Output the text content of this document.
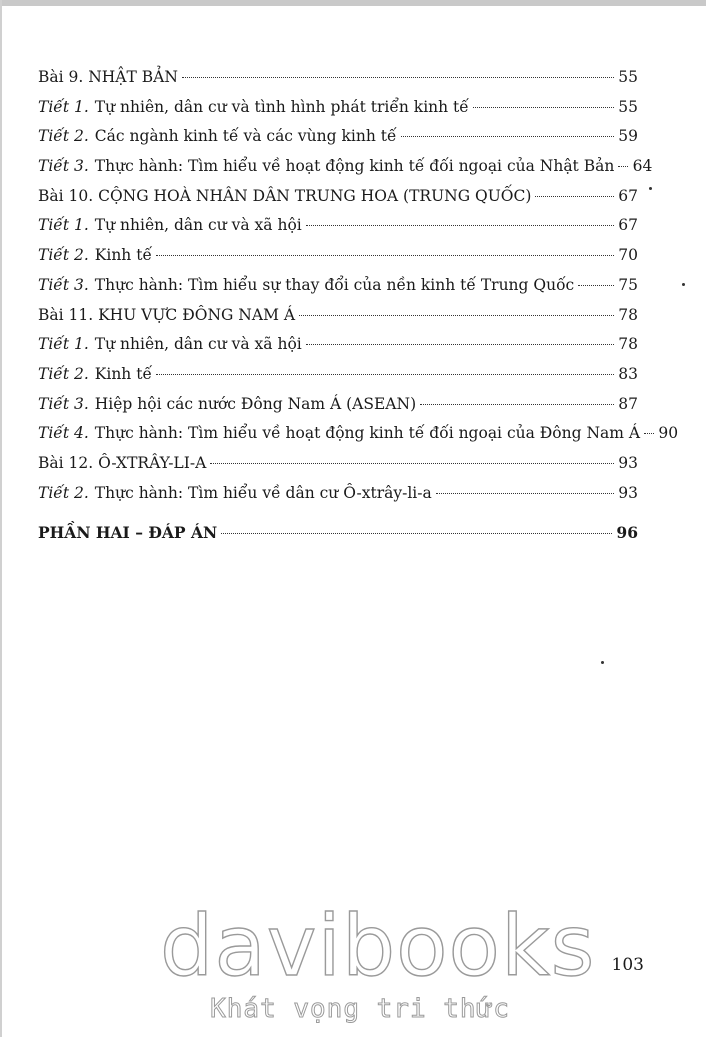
Bài 9. NHẬT BẢN	55
Tiết 1. Tự nhiên, dân cư và tình hình phát triển kinh tế	55
Tiết 2. Các ngành kinh tế và các vùng kinh tế	59
Tiết 3. Thực hành: Tìm hiểu về hoạt động kinh tế đối ngoại của Nhật Bản 64
Bài 10. CỘNG HOÀ NHÂN DÂN TRUNG HOA (TRUNG QUỐC)	67
Tiết 1. Tự nhiên, dân cư và xã hội	67
Tiết 2. Kinh tế	70
Tiết 3. Thực hành: Tìm hiểu sự thay đổi của nền kinh tế Trung Quốc	75
Bài 11. KHU VỰC ĐÔNG NAM Á	78
Tiết 1. Tự nhiên, dân cư và xã hội	78
Tiết 2. Kinh tế	83
Tiết 3. Hiệp hội các nước Đông Nam Á (ASEAN)	87
Tiết 4. Thực hành: Tìm hiểu về hoạt động kinh tế đối ngoại của Đông Nam Á 90
Bài 12. Ô-XTRÂY-LI-A	93
Tiết 2. Thực hành: Tìm hiểu về dân cư Ô-xtrây-li-a	93
PHẦN HAI – ĐÁP ÁN	96
103
davibooks
Khát vọng tri thức
